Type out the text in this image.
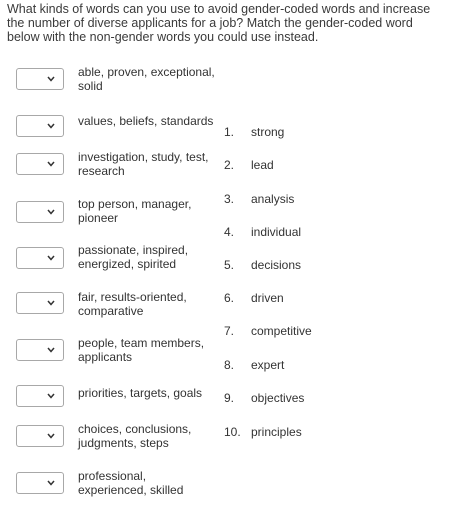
What kinds of words can you use to avoid gender-coded words and increase the number of diverse applicants for a job? Match the gender-coded word below with the non-gender words you could use instead.
able, proven, exceptional, solid
values, beliefs, standards
investigation, study, test, research
top person, manager, pioneer
passionate, inspired, energized, spirited
fair, results-oriented, comparative
people, team members, applicants
priorities, targets, goals
choices, conclusions, judgments, steps
professional, experienced, skilled
1. strong
2. lead
3. analysis
4. individual
5. decisions
6. driven
7. competitive
8. expert
9. objectives
10. principles
